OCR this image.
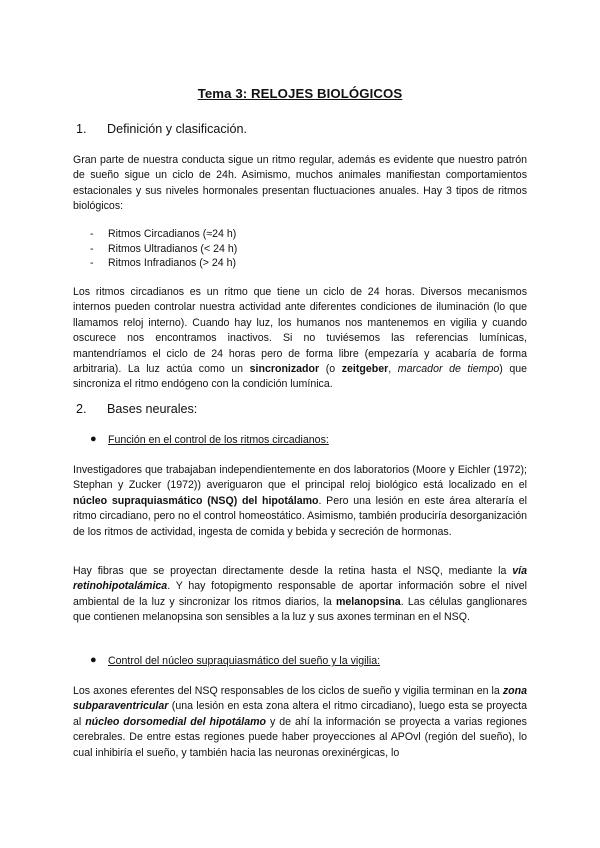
Tema 3: RELOJES BIOLÓGICOS
1. Definición y clasificación.

Gran parte de nuestra conducta sigue un ritmo regular, además es evidente que nuestro patrón de sueño sigue un ciclo de 24h. Asimismo, muchos animales manifiestan comportamientos estacionales y sus niveles hormonales presentan fluctuaciones anuales. Hay 3 tipos de ritmos biológicos:

- Ritmos Circadianos (≈24 h)
- Ritmos Ultradianos (< 24 h)
- Ritmos Infradianos (> 24 h)

Los ritmos circadianos es un ritmo que tiene un ciclo de 24 horas. Diversos mecanismos internos pueden controlar nuestra actividad ante diferentes condiciones de iluminación (lo que llamamos reloj interno). Cuando hay luz, los humanos nos mantenemos en vigilia y cuando oscurece nos encontramos inactivos. Si no tuviésemos las referencias lumínicas, mantendríamos el ciclo de 24 horas pero de forma libre (empezaría y acabaría de forma arbitraria). La luz actúa como un sincronizador (o zeitgeber, marcador de tiempo) que sincroniza el ritmo endógeno con la condición lumínica.

2. Bases neurales:
● Función en el control de los ritmos circadianos:

Investigadores que trabajaban independientemente en dos laboratorios (Moore y Eichler (1972); Stephan y Zucker (1972)) averiguaron que el principal reloj biológico está localizado en el núcleo supraquiasmático (NSQ) del hipotálamo. Pero una lesión en este área alteraría el ritmo circadiano, pero no el control homeostático. Asimismo, también produciría desorganización de los ritmos de actividad, ingesta de comida y bebida y secreción de hormonas.

Hay fibras que se proyectan directamente desde la retina hasta el NSQ, mediante la vía retinohipotalámica. Y hay fotopigmento responsable de aportar información sobre el nivel ambiental de la luz y sincronizar los ritmos diarios, la melanopsina. Las células ganglionares que contienen melanopsina son sensibles a la luz y sus axones terminan en el NSQ.

● Control del núcleo supraquiasmático del sueño y la vigilia:

Los axones eferentes del NSQ responsables de los ciclos de sueño y vigilia terminan en la zona subparaventricular (una lesión en esta zona altera el ritmo circadiano), luego esta se proyecta al núcleo dorsomedial del hipotálamo y de ahí la información se proyecta a varias regiones cerebrales. De entre estas regiones puede haber proyecciones al APOvl (región del sueño), lo cual inhibiría el sueño, y también hacia las neuronas orexinérgicas, lo
